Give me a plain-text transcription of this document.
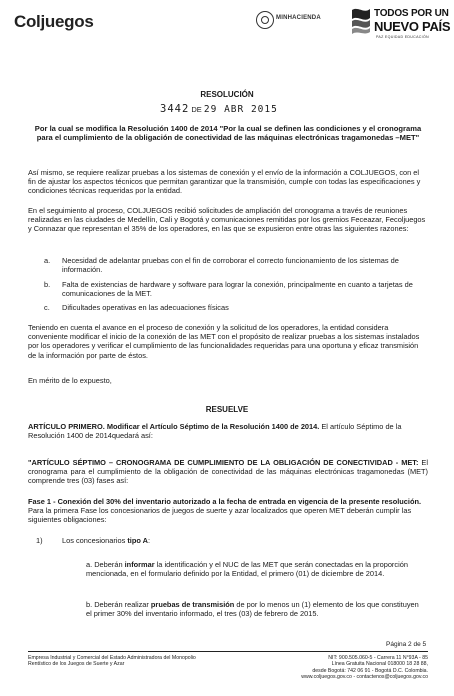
Coljuegos	MINHACIENDA	TODOS POR UN
NUEVO PAÍS
PAZ EQUIDAD EDUCACIÓN
RESOLUCIÓN
3442 DE 29 ABR 2015
Por la cual se modifica la Resolución 1400 de 2014 "Por la cual se definen las condiciones y el cronograma para el cumplimiento de la obligación de conectividad de las máquinas electrónicas tragamonedas –MET"
Así mismo, se requiere realizar pruebas a los sistemas de conexión y el envío de la información a COLJUEGOS, con el fin de ajustar los aspectos técnicos que permitan garantizar que la transmisión, cumple con todas las especificaciones y condiciones técnicas requeridas por la entidad.
En el seguimiento al proceso, COLJUEGOS recibió solicitudes de ampliación del cronograma a través de reuniones realizadas en las ciudades de Medellín, Cali y Bogotá y comunicaciones remitidas por los gremios Feceazar, Fecoljuegos y Connazar que representan el 35% de los operadores, en las que se expusieron entre otras las siguientes razones:
a. Necesidad de adelantar pruebas con el fin de corroborar el correcto funcionamiento de los sistemas de información.
b. Falta de existencias de hardware y software para lograr la conexión, principalmente en cuanto a tarjetas de comunicaciones de la MET.
c. Dificultades operativas en las adecuaciones físicas
Teniendo en cuenta el avance en el proceso de conexión y la solicitud de los operadores, la entidad considera conveniente modificar el inicio de la conexión de las MET con el propósito de realizar pruebas a los sistemas instalados por los operadores y verificar el cumplimiento de las funcionalidades requeridas para una oportuna y eficaz transmisión de la información por parte de éstos.
En mérito de lo expuesto,
RESUELVE
ARTÍCULO PRIMERO. Modificar el Artículo Séptimo de la Resolución 1400 de 2014. El artículo Séptimo de la Resolución 1400 de 2014quedará así:
"ARTÍCULO SÉPTIMO – CRONOGRAMA DE CUMPLIMIENTO DE LA OBLIGACIÓN DE CONECTIVIDAD - MET: El cronograma para el cumplimiento de la obligación de conectividad de las máquinas electrónicas tragamonedas (MET) comprende tres (03) fases así:
Fase 1 - Conexión del 30% del inventario autorizado a la fecha de entrada en vigencia de la presente resolución. Para la primera Fase los concesionarios de juegos de suerte y azar localizados que operen MET deberán cumplir las siguientes obligaciones:
1)	Los concesionarios tipo A:
a. Deberán informar la identificación y el NUC de las MET que serán conectadas en la proporción mencionada, en el formulario definido por la Entidad, el primero (01) de diciembre de 2014.
b. Deberán realizar pruebas de transmisión de por lo menos un (1) elemento de los que constituyen el primer 30% del inventario informado, el tres (03) de febrero de 2015.
Página 2 de 5
Empresa Industrial y Comercial del Estado Administradora del Monopolio Rentístico de los Juegos de Suerte y Azar
NIT: 900.505.060-5 - Carrera 11 N°93A - 85
Línea Gratuita Nacional 018000 18 28 88,
desde Bogotá: 742 06 91 - Bogotá D.C. Colombia.
www.coljuegos.gov.co - contactenos@coljuegos.gov.co
